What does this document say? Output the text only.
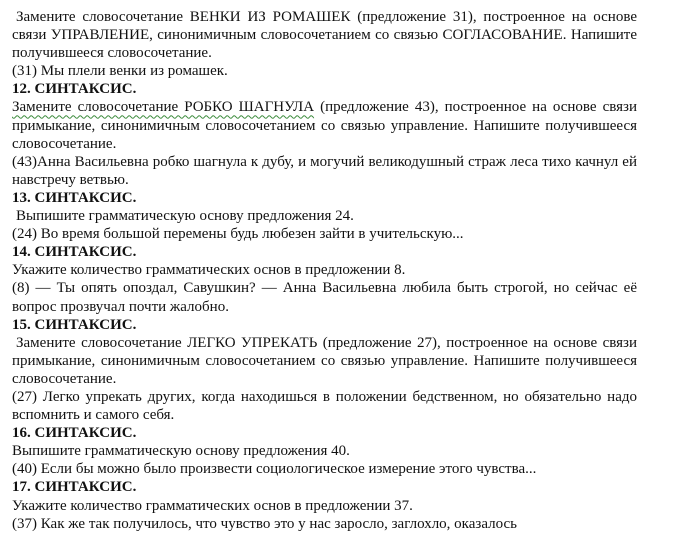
Замените словосочетание ВЕНКИ ИЗ РОМАШЕК (предложение 31), построенное на основе связи УПРАВЛЕНИЕ, синонимичным словосочетанием со связью СОГЛАСОВАНИЕ. Напишите получившееся словосочетание.

(31) Мы плели венки из ромашек.

12. СИНТАКСИС.

Замените словосочетание РОБКО ШАГНУЛА (предложение 43), построенное на основе связи примыкание, синонимичным словосочетанием со связью управление. Напишите получившееся словосочетание.

(43)Анна Васильевна робко шагнула к дубу, и могучий великодушный страж леса тихо качнул ей навстречу ветвью.

13. СИНТАКСИС.

Выпишите грамматическую основу предложения 24.

(24) Во время большой перемены будь любезен зайти в учительскую...

14. СИНТАКСИС.

Укажите количество грамматических основ в предложении 8.

(8) — Ты опять опоздал, Савушкин? — Анна Васильевна любила быть строгой, но сейчас её вопрос прозвучал почти жалобно.

15. СИНТАКСИС.

Замените словосочетание ЛЕГКО УПРЕКАТЬ (предложение 27), построенное на основе связи примыкание, синонимичным словосочетанием со связью управление. Напишите получившееся словосочетание.

(27) Легко упрекать других, когда находишься в положении бедственном, но обязательно надо вспомнить и самого себя.

16. СИНТАКСИС.

Выпишите грамматическую основу предложения 40.

(40) Если бы можно было произвести социологическое измерение этого чувства...

17. СИНТАКСИС.

Укажите количество грамматических основ в предложении 37.

(37) Как же так получилось, что чувство это у нас заросло, заглохло, оказалось
